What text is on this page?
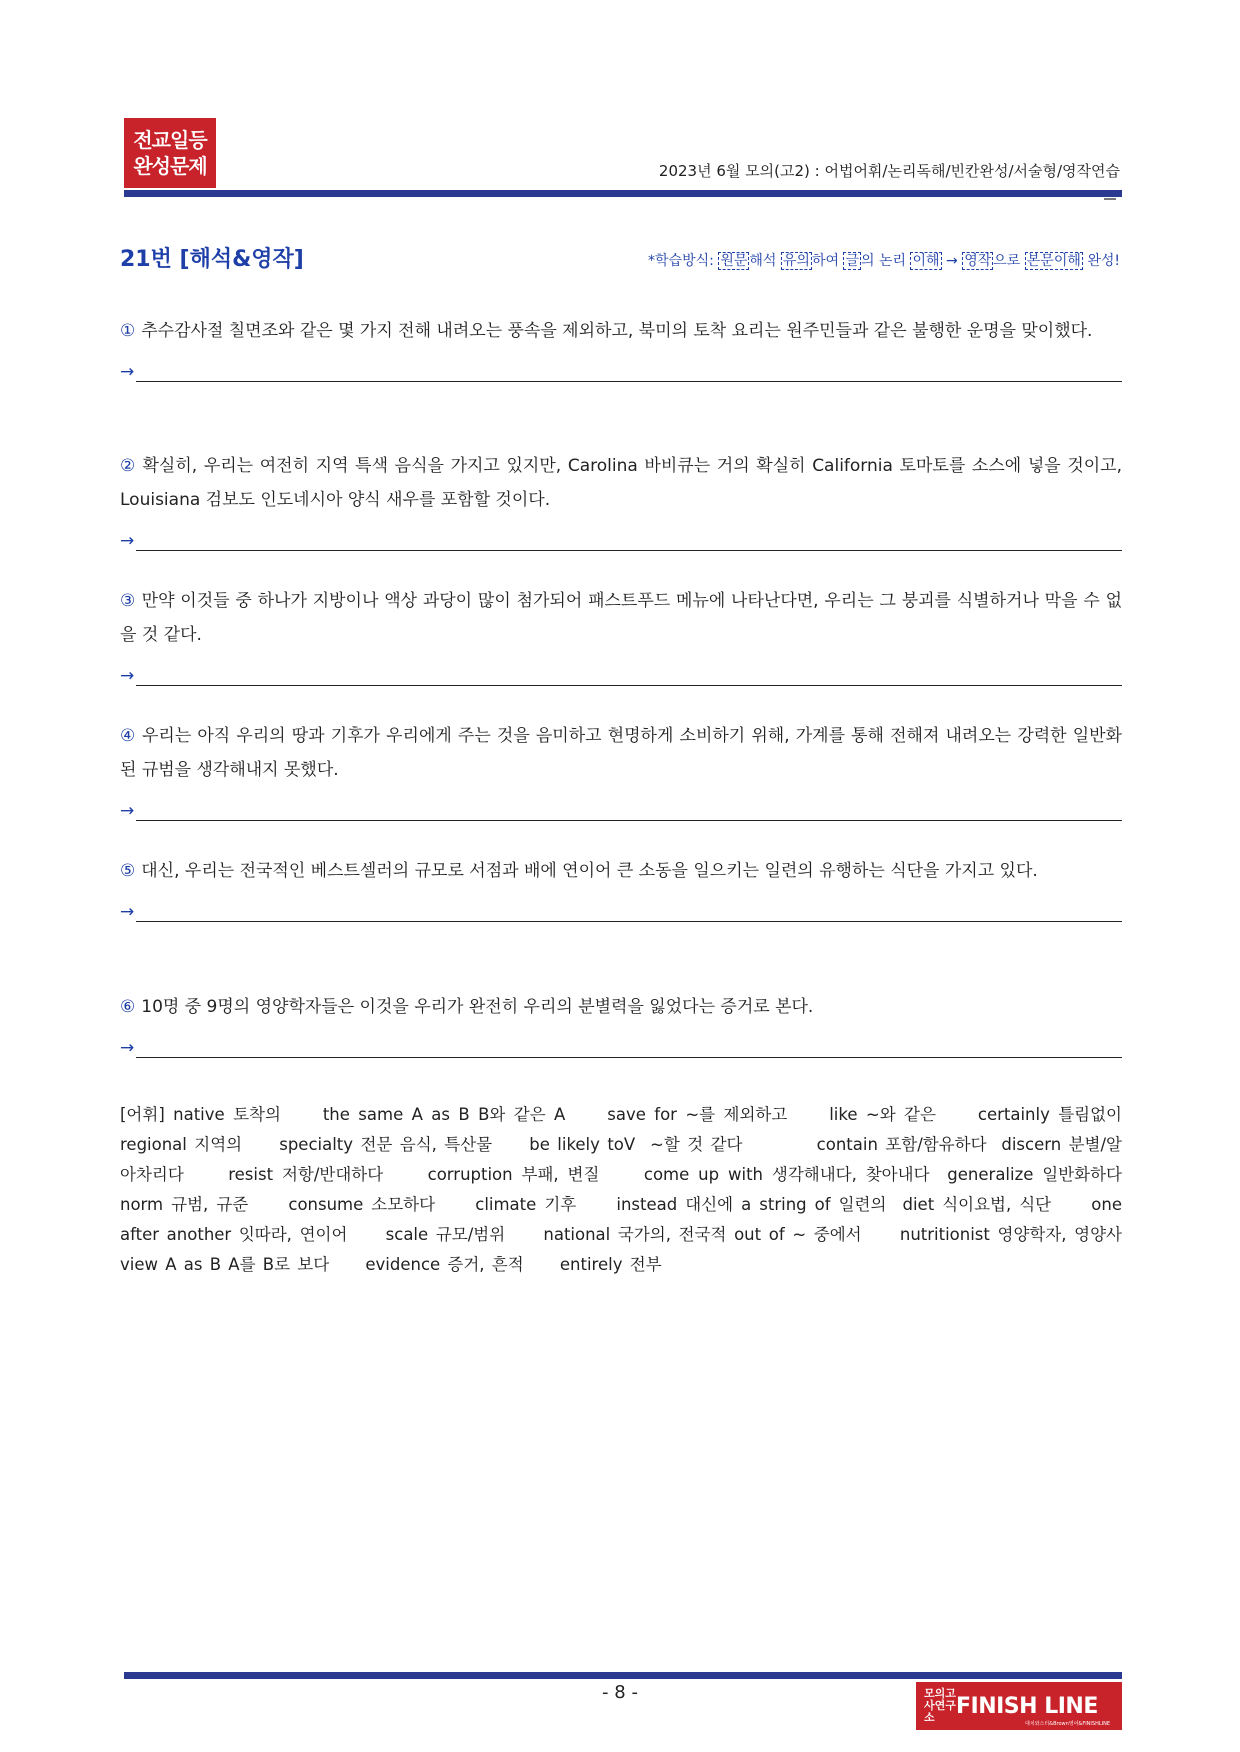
전교일등
완성문제	2023년 6월 모의(고2) : 어법어휘/논리독해/빈칸완성/서술형/영작연습
21번 [해석&영작]	*학습방식: 원문 해석 유의 하여 글 의 논리 이해 → 영작 으로 본문이해 완성!
① 추수감사절 칠면조와 같은 몇 가지 전해 내려오는 풍속을 제외하고, 북미의 토착 요리는 원주민들과 같은 불행한 운명을 맞이했다.
→
② 확실히, 우리는 여전히 지역 특색 음식을 가지고 있지만, Carolina 바비큐는 거의 확실히 California 토마토를 소스에 넣을 것이고, Louisiana 검보도 인도네시아 양식 새우를 포함할 것이다.
→
③ 만약 이것들 중 하나가 지방이나 액상 과당이 많이 첨가되어 패스트푸드 메뉴에 나타난다면, 우리는 그 붕괴를 식별하거나 막을 수 없을 것 같다.
→
④ 우리는 아직 우리의 땅과 기후가 우리에게 주는 것을 음미하고 현명하게 소비하기 위해, 가계를 통해 전해져 내려오는 강력한 일반화된 규범을 생각해내지 못했다.
→
⑤ 대신, 우리는 전국적인 베스트셀러의 규모로 서점과 배에 연이어 큰 소동을 일으키는 일련의 유행하는 식단을 가지고 있다.
→
⑥ 10명 중 9명의 영양학자들은 이것을 우리가 완전히 우리의 분별력을 잃었다는 증거로 본다.
→
[어휘] native 토착의     the same A as B B와 같은 A     save for ~를 제외하고     like ~와 같은     certainly 틀림없이  regional 지역의     specialty 전문 음식, 특산물     be likely toV  ~할 것 같다          contain 포함/함유하다  discern 분별/알아차리다     resist 저항/반대하다     corruption 부패, 변질     come up with 생각해내다, 찾아내다  generalize 일반화하다     norm 규범, 규준     consume 소모하다     climate 기후     instead 대신에 a string of 일련의  diet 식이요법, 식단     one after another 잇따라, 연이어     scale 규모/범위     national 국가의, 전국적 out of ~ 중에서     nutritionist 영양학자, 영양사     view A as B A를 B로 보다     evidence 증거, 흔적     entirely 전부
- 8 -	모의고사연구소 FINISH LINE
대치와스터&Brown영어&FINISHLINE
